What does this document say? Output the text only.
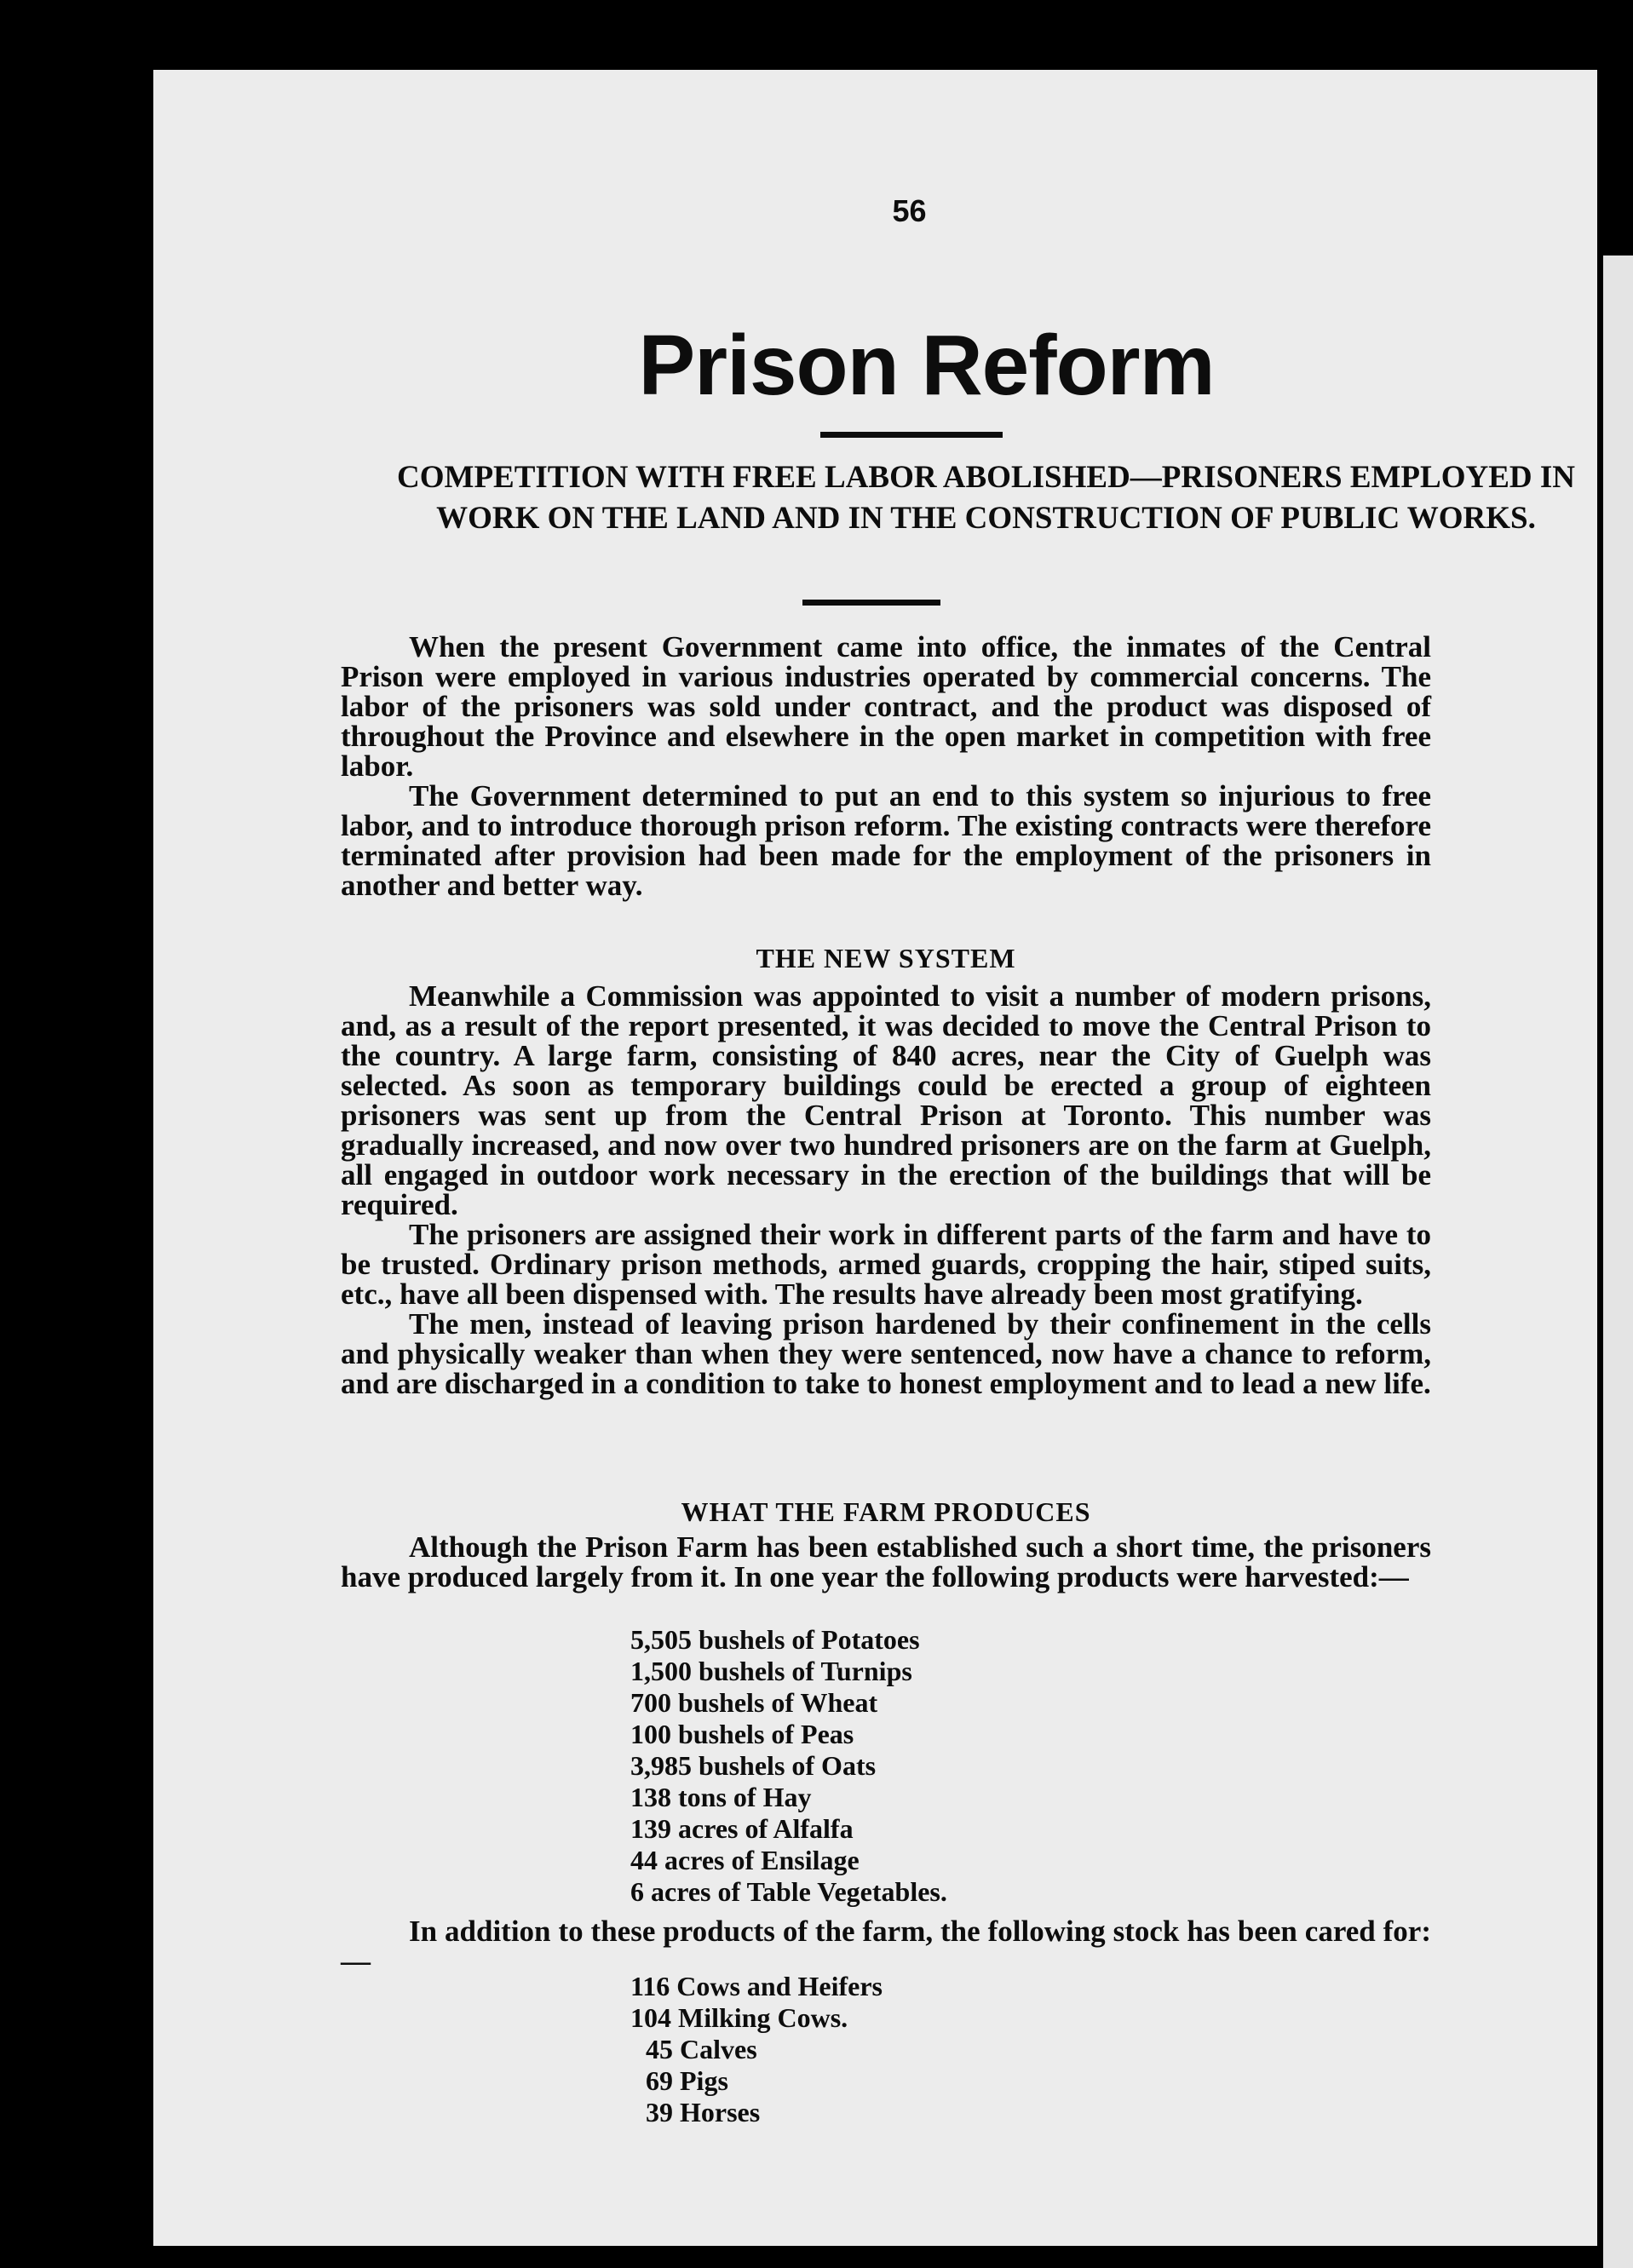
56
Prison Reform
COMPETITION WITH FREE LABOR ABOLISHED—PRISONERS EMPLOYED IN WORK ON THE LAND AND IN THE CONSTRUCTION OF PUBLIC WORKS.

When the present Government came into office, the inmates of the Central Prison were employed in various industries operated by commercial concerns. The labor of the prisoners was sold under contract, and the product was disposed of throughout the Province and elsewhere in the open market in competition with free labor.

The Government determined to put an end to this system so injurious to free labor, and to introduce thorough prison reform. The existing contracts were therefore terminated after provision had been made for the employment of the prisoners in another and better way.

THE NEW SYSTEM

Meanwhile a Commission was appointed to visit a number of modern prisons, and, as a result of the report presented, it was decided to move the Central Prison to the country. A large farm, consisting of 840 acres, near the City of Guelph was selected. As soon as temporary buildings could be erected a group of eighteen prisoners was sent up from the Central Prison at Toronto. This number was gradually increased, and now over two hundred prisoners are on the farm at Guelph, all engaged in outdoor work necessary in the erection of the buildings that will be required.

The prisoners are assigned their work in different parts of the farm and have to be trusted. Ordinary prison methods, armed guards, cropping the hair, stiped suits, etc., have all been dispensed with. The results have already been most gratifying.

The men, instead of leaving prison hardened by their confinement in the cells and physically weaker than when they were sentenced, now have a chance to reform, and are discharged in a condition to take to honest employment and to lead a new life.

WHAT THE FARM PRODUCES

Although the Prison Farm has been established such a short time, the prisoners have produced largely from it. In one year the following products were harvested:—

5,505 bushels of Potatoes
1,500 bushels of Turnips
700 bushels of Wheat
100 bushels of Peas
3,985 bushels of Oats
138 tons of Hay
139 acres of Alfalfa
44 acres of Ensilage
6 acres of Table Vegetables.

In addition to these products of the farm, the following stock has been cared for:—

116 Cows and Heifers
104 Milking Cows.
45 Calves
69 Pigs
39 Horses
